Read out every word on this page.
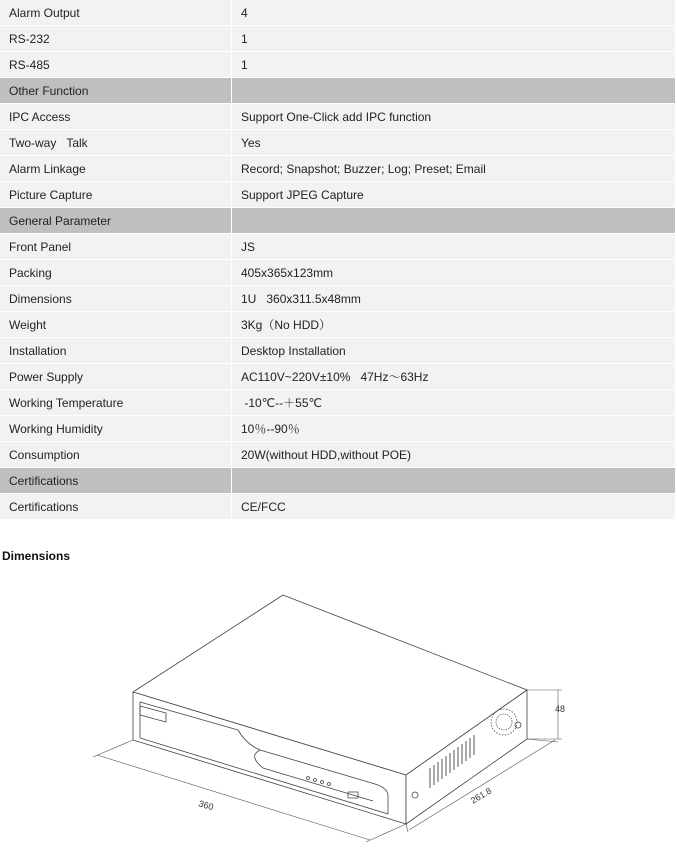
Alarm Output	4
RS-232	1
RS-485	1
Other Function	
IPC Access	Support One-Click add IPC function
Two-way   Talk	Yes
Alarm Linkage	Record; Snapshot; Buzzer; Log; Preset; Email
Picture Capture	Support JPEG Capture
General Parameter	
Front Panel	JS
Packing	405x365x123mm
Dimensions	1U   360x311.5x48mm
Weight	3Kg（No HDD）
Installation	Desktop Installation
Power Supply	AC110V~220V±10%   47Hz～63Hz
Working Temperature	-10℃--＋55℃
Working Humidity	10％--90％
Consumption	20W(without HDD,without POE)
Certifications	
Certifications	CE/FCC
Dimensions
360	261.8
48
